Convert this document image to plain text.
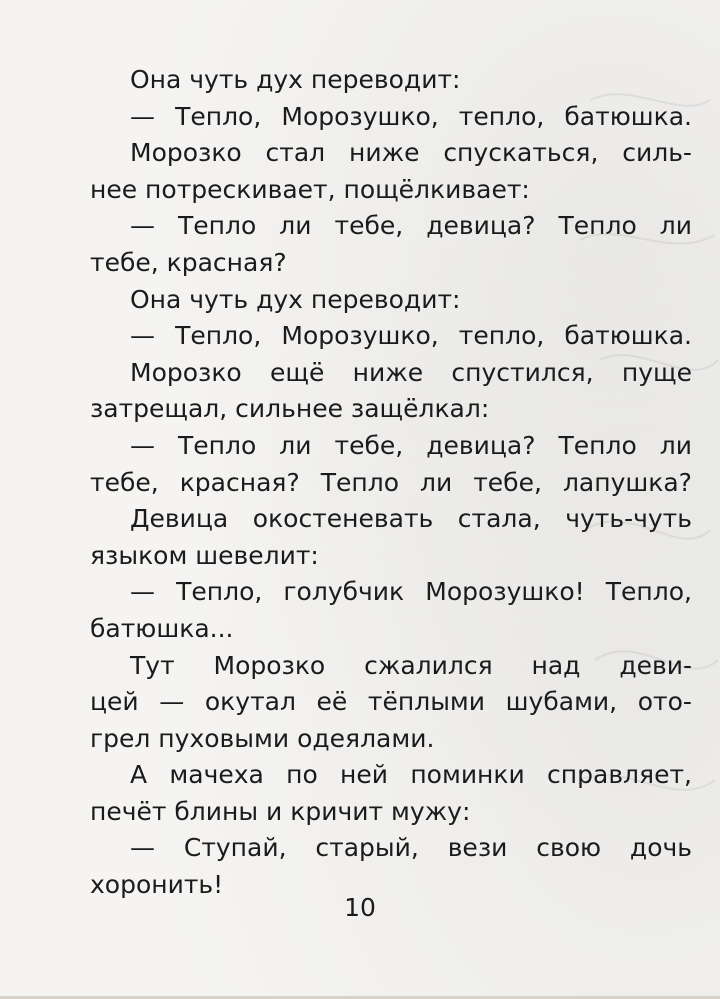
Она чуть дух переводит:
— Тепло, Морозушко, тепло, батюшка.
Морозко стал ниже спускаться, силь-
нее потрескивает, пощёлкивает:
— Тепло ли тебе, девица? Тепло ли
тебе, красная?
Она чуть дух переводит:
— Тепло, Морозушко, тепло, батюшка.
Морозко ещё ниже спустился, пуще
затрещал, сильнее защёлкал:
— Тепло ли тебе, девица? Тепло ли
тебе, красная? Тепло ли тебе, лапушка?
Девица окостеневать стала, чуть-чуть
языком шевелит:
— Тепло, голубчик Морозушко! Тепло,
батюшка...
Тут Морозко сжалился над деви-
цей — окутал её тёплыми шубами, ото-
грел пуховыми одеялами.
А мачеха по ней поминки справляет,
печёт блины и кричит мужу:
— Ступай, старый, вези свою дочь
хоронить!
10
